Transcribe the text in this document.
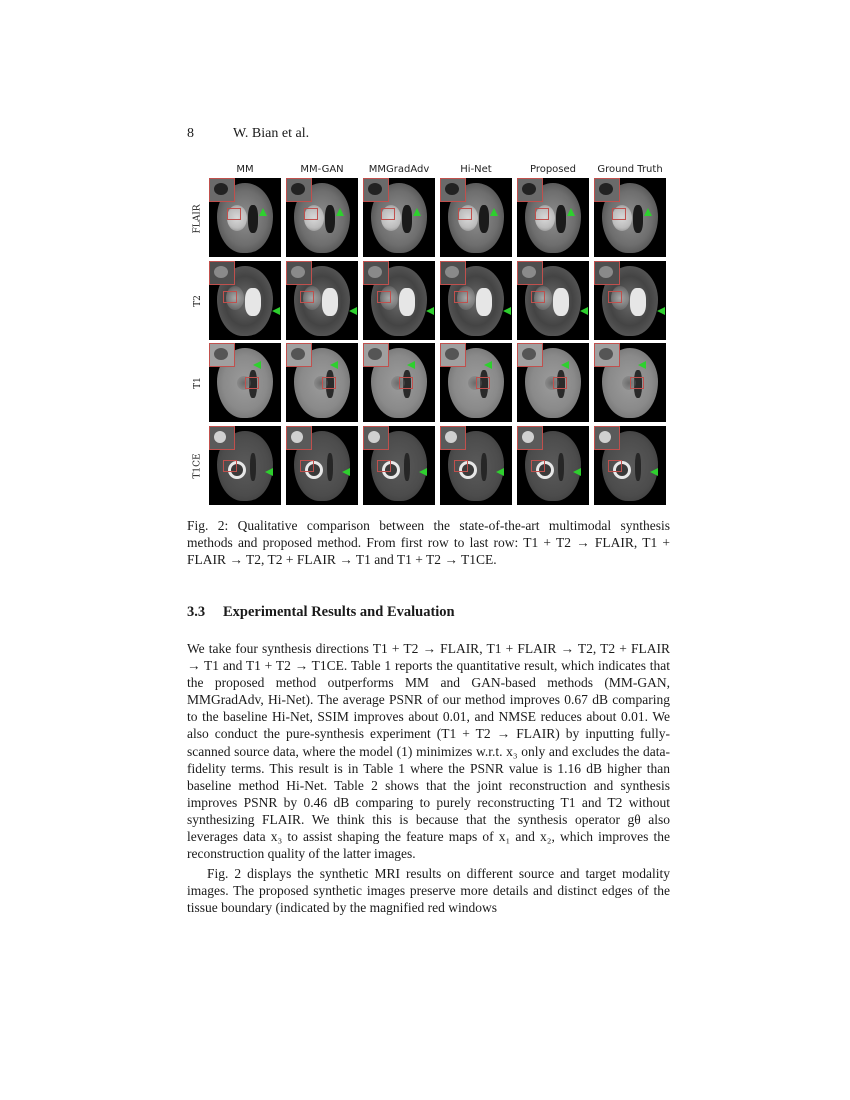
8	W. Bian et al.
MM	MM-GAN	MMGradAdv	Hi-Net	Proposed	Ground Truth
FLAIR
T2
T1
T1CE
Fig. 2: Qualitative comparison between the state-of-the-art multimodal synthesis methods and proposed method. From first row to last row: T1 + T2 → FLAIR, T1 + FLAIR → T2, T2 + FLAIR → T1 and T1 + T2 → T1CE.
3.3	Experimental Results and Evaluation

We take four synthesis directions T1 + T2 → FLAIR, T1 + FLAIR → T2, T2 + FLAIR → T1 and T1 + T2 → T1CE. Table 1 reports the quantitative result, which indicates that the proposed method outperforms MM and GAN-based methods (MM-GAN, MMGradAdv, Hi-Net). The average PSNR of our method improves 0.67 dB comparing to the baseline Hi-Net, SSIM improves about 0.01, and NMSE reduces about 0.01. We also conduct the pure-synthesis experiment (T1 + T2 → FLAIR) by inputting fully-scanned source data, where the model (1) minimizes w.r.t. x₃ only and excludes the data-fidelity terms. This result is in Table 1 where the PSNR value is 1.16 dB higher than baseline method Hi-Net. Table 2 shows that the joint reconstruction and synthesis improves PSNR by 0.46 dB comparing to purely reconstructing T1 and T2 without synthesizing FLAIR. We think this is because that the synthesis operator gθ also leverages data x₃ to assist shaping the feature maps of x₁ and x₂, which improves the reconstruction quality of the latter images.

Fig. 2 displays the synthetic MRI results on different source and target modality images. The proposed synthetic images preserve more details and distinct edges of the tissue boundary (indicated by the magnified red windows
